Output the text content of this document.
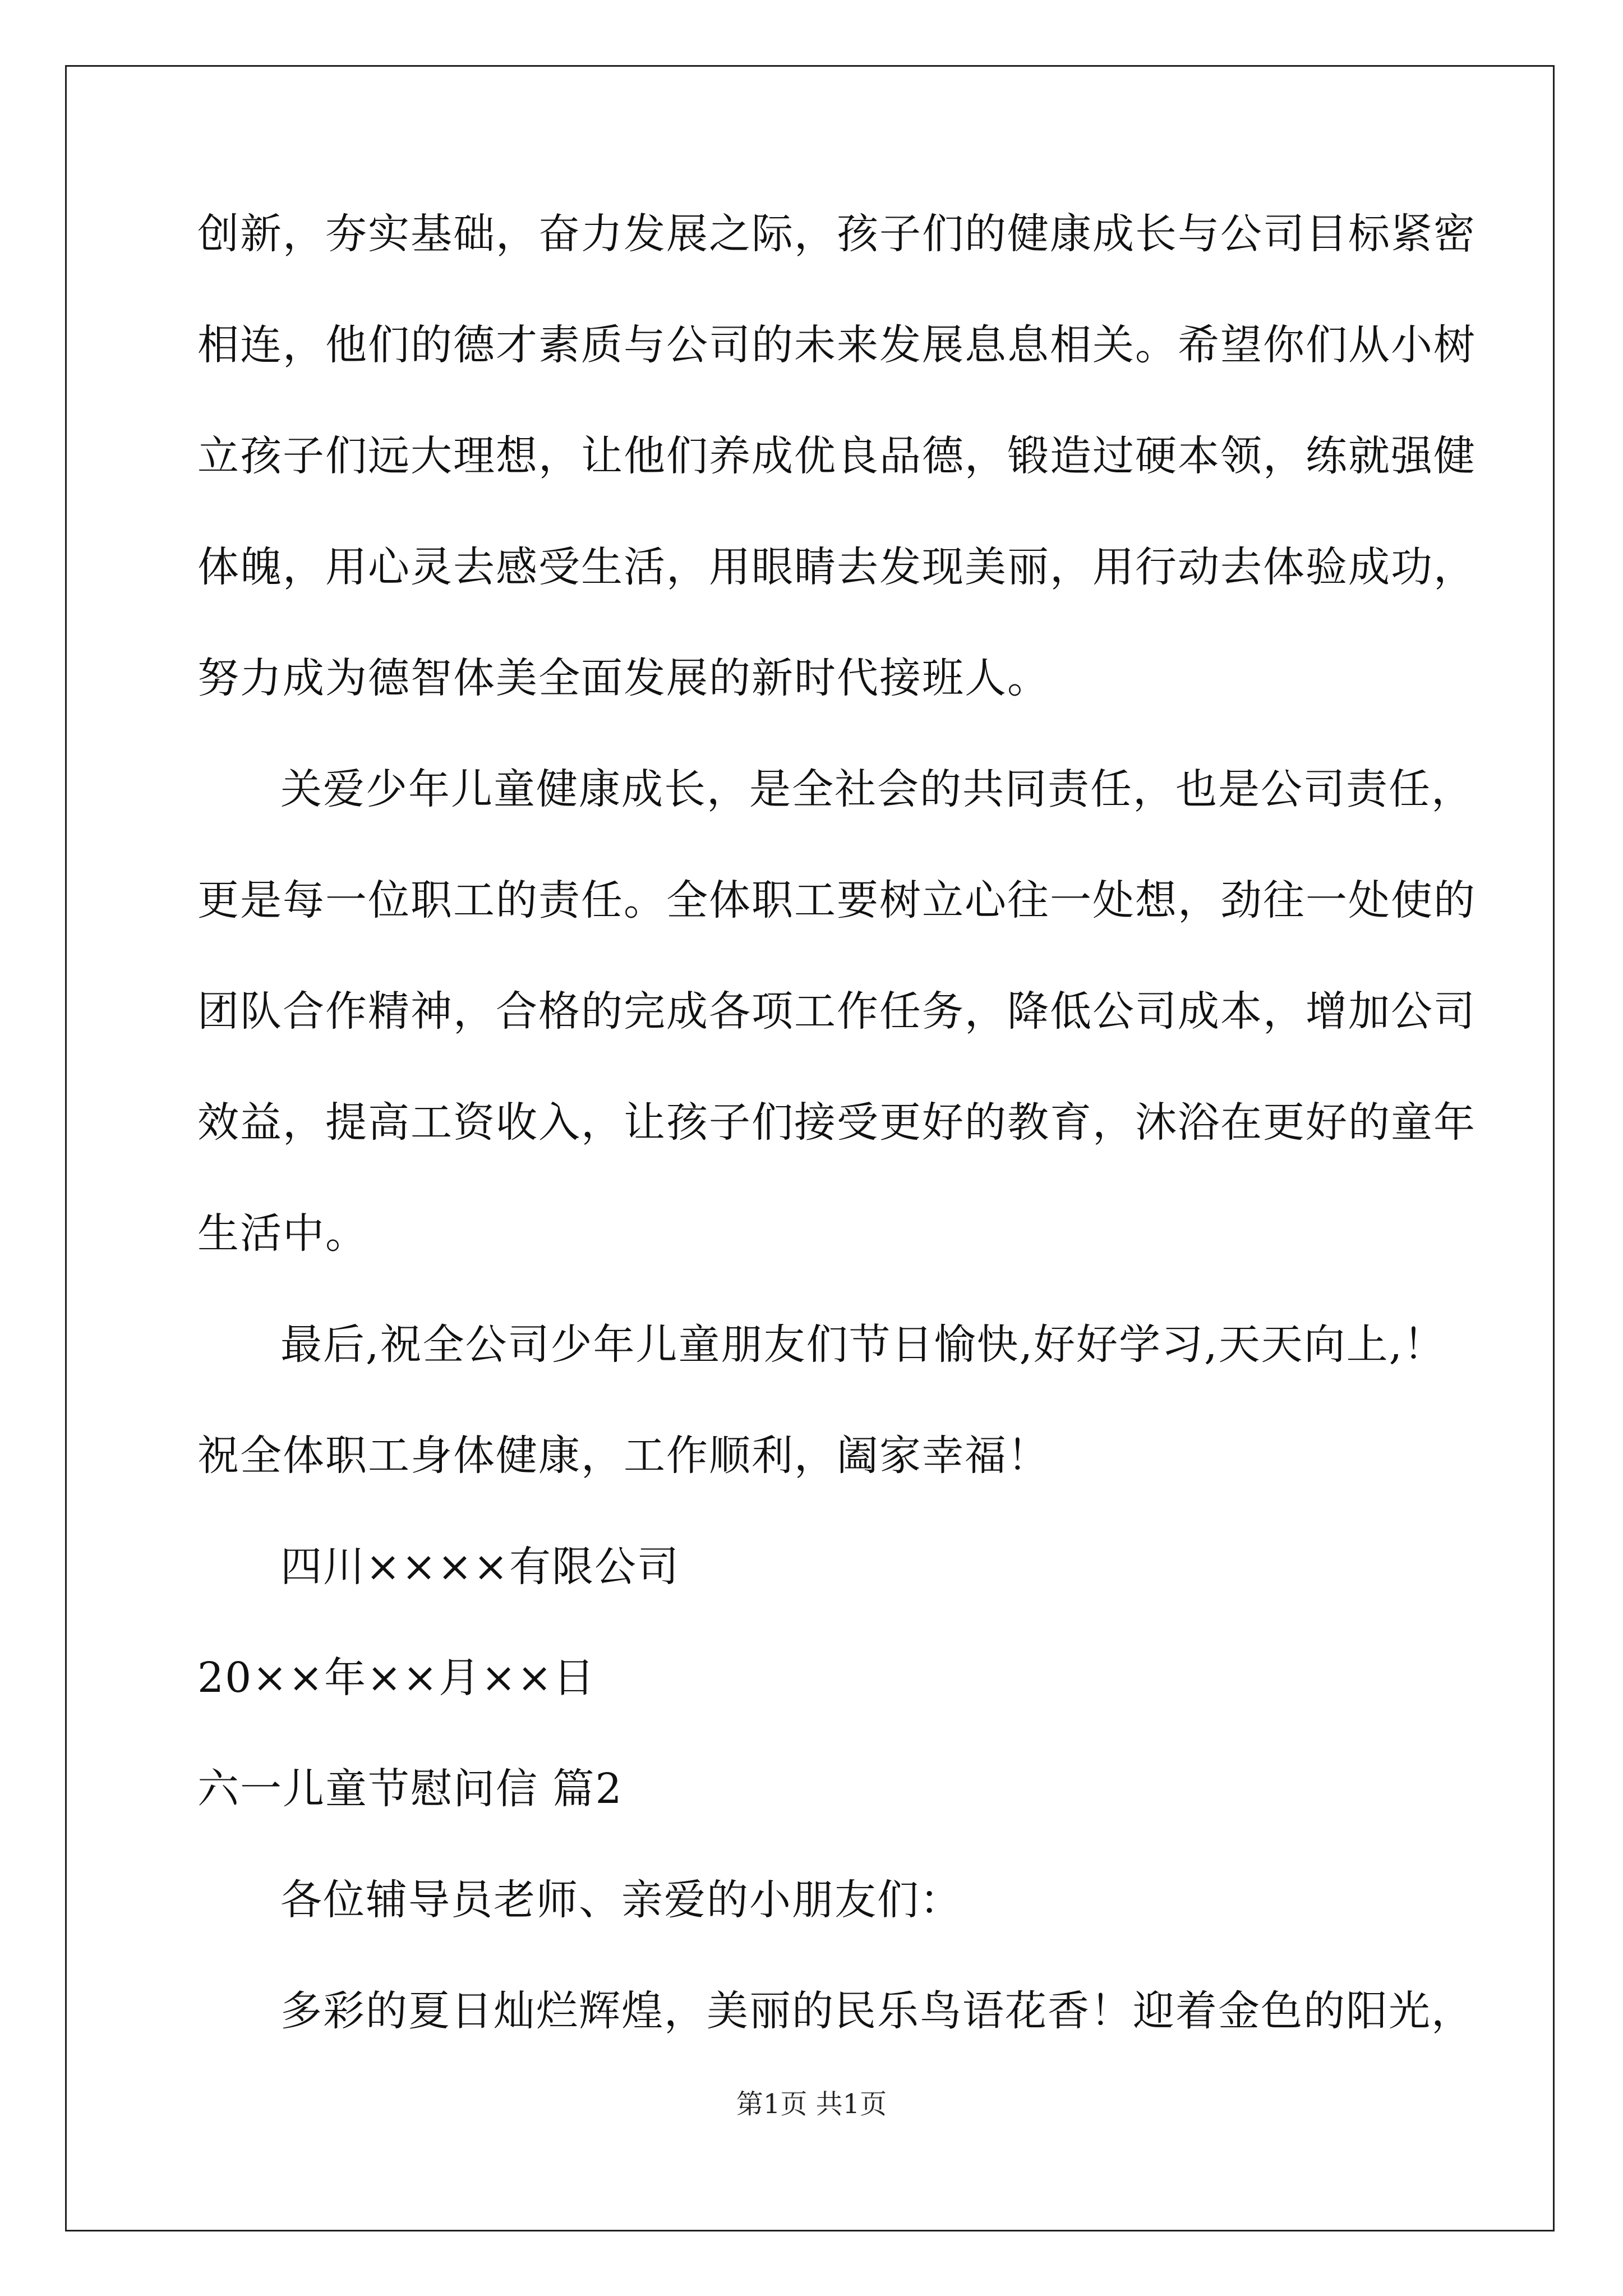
创新，夯实基础，奋力发展之际，孩子们的健康成长与公司目标紧密
相连，他们的德才素质与公司的未来发展息息相关。希望你们从小树
立孩子们远大理想，让他们养成优良品德，锻造过硬本领，练就强健
体魄，用心灵去感受生活，用眼睛去发现美丽，用行动去体验成功，
努力成为德智体美全面发展的新时代接班人。
关爱少年儿童健康成长，是全社会的共同责任，也是公司责任，
更是每一位职工的责任。全体职工要树立心往一处想，劲往一处使的
团队合作精神，合格的完成各项工作任务，降低公司成本，增加公司
效益，提高工资收入，让孩子们接受更好的教育，沐浴在更好的童年
生活中。
最后,祝全公司少年儿童朋友们节日愉快,好好学习,天天向上,！
祝全体职工身体健康，工作顺利，阖家幸福！
四川××××有限公司
20××年××月××日
六一儿童节慰问信 篇2
各位辅导员老师、亲爱的小朋友们：
多彩的夏日灿烂辉煌，美丽的民乐鸟语花香！迎着金色的阳光，
第1页 共1页
